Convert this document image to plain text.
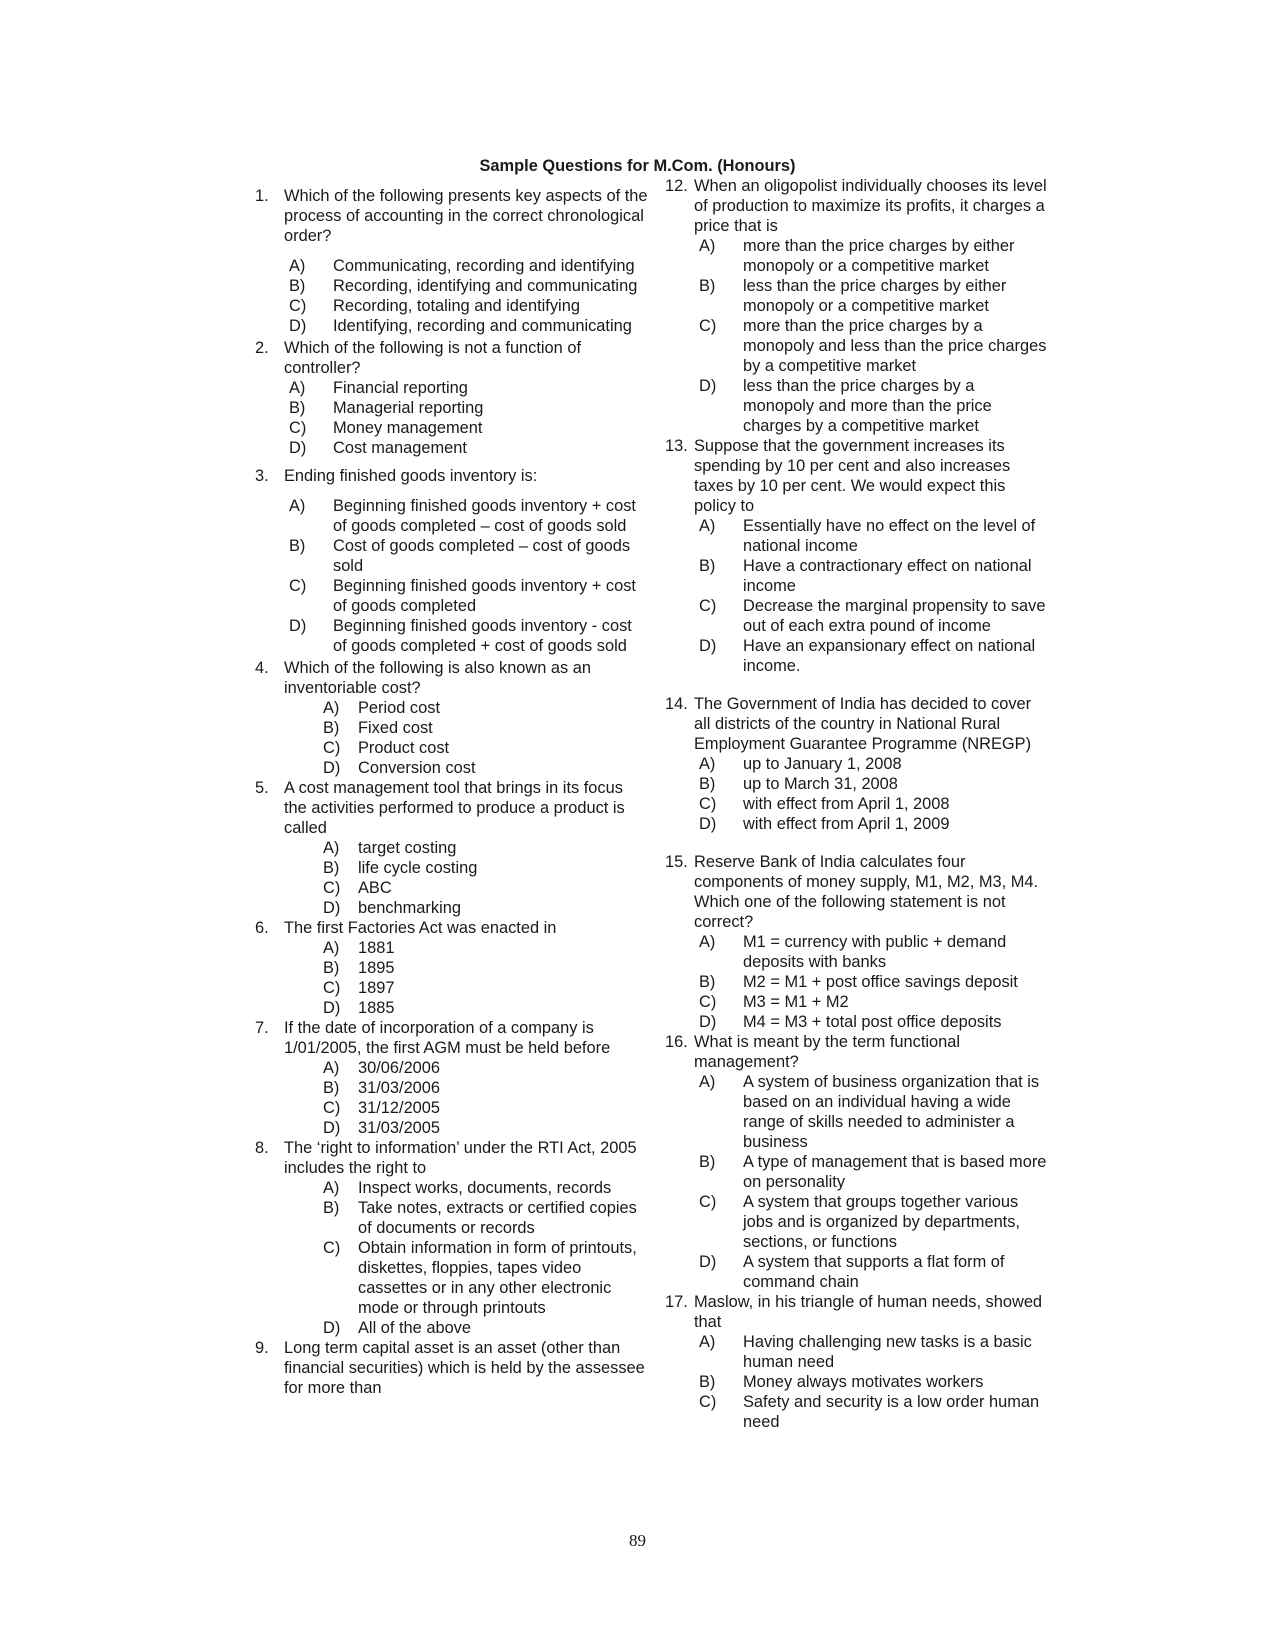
Sample Questions for M.Com. (Honours)
1. Which of the following presents key aspects of the process of accounting in the correct chronological order?
A)	Communicating, recording and identifying
B)	Recording, identifying and communicating
C)	Recording, totaling and identifying
D)	Identifying, recording and communicating
2. Which of the following is not a function of controller?
A)	Financial reporting
B)	Managerial reporting
C)	Money management
D)	Cost management
3. Ending finished goods inventory is:
A)	Beginning finished goods inventory + cost of goods completed – cost of goods sold
B)	Cost of goods completed – cost of goods sold
C)	Beginning finished goods inventory + cost of goods completed
D)	Beginning finished goods inventory - cost of goods completed + cost of goods sold
4. Which of the following is also known as an inventoriable cost?
A)	Period cost
B)	Fixed cost
C)	Product cost
D)	Conversion cost
5. A cost management tool that brings in its focus the activities performed to produce a product is called
A)	target costing
B)	life cycle costing
C)	ABC
D)	benchmarking
6. The first Factories Act was enacted in
A)	1881
B)	1895
C)	1897
D)	1885
7. If the date of incorporation of a company is 1/01/2005, the first AGM must be held before
A)	30/06/2006
B)	31/03/2006
C)	31/12/2005
D)	31/03/2005
8. The ‘right to information’ under the RTI Act, 2005 includes the right to
A)	Inspect works, documents, records
B)	Take notes, extracts or certified copies of documents or records
C)	Obtain information in form of printouts, diskettes, floppies, tapes video cassettes or in any other electronic mode or through printouts
D)	All of the above
9. Long term capital asset is an asset (other than financial securities) which is held by the assessee for more than
12. When an oligopolist individually chooses its level of production to maximize its profits, it charges a price that is
A)	more than the price charges by either monopoly or a competitive market
B)	less than the price charges by either monopoly or a competitive market
C)	more than the price charges by a monopoly and less than the price charges by a competitive market
D)	less than the price charges by a monopoly and more than the price charges by a competitive market
13. Suppose that the government increases its spending by 10 per cent and also increases taxes by 10 per cent. We would expect this policy to
A)	Essentially have no effect on the level of national income
B)	Have a contractionary effect on national income
C)	Decrease the marginal propensity to save out of each extra pound of income
D)	Have an expansionary effect on national income.
14. The Government of India has decided to cover all districts of the country in National Rural Employment Guarantee Programme (NREGP)
A)	up to January 1, 2008
B)	up to March 31, 2008
C)	with effect from April 1, 2008
D)	with effect from April 1, 2009
15. Reserve Bank of India calculates four components of money supply, M1, M2, M3, M4. Which one of the following statement is not correct?
A)	M1 = currency with public + demand deposits with banks
B)	M2 = M1 + post office savings deposit
C)	M3 = M1 + M2
D)	M4 = M3 + total post office deposits
16. What is meant by the term functional management?
A)	A system of business organization that is based on an individual having a wide range of skills needed to administer a business
B)	A type of management that is based more on personality
C)	A system that groups together various jobs and is organized by departments, sections, or functions
D)	A system that supports a flat form of command chain
17. Maslow, in his triangle of human needs, showed that
A)	Having challenging new tasks is a basic human need
B)	Money always motivates workers
C)	Safety and security is a low order human need
89
